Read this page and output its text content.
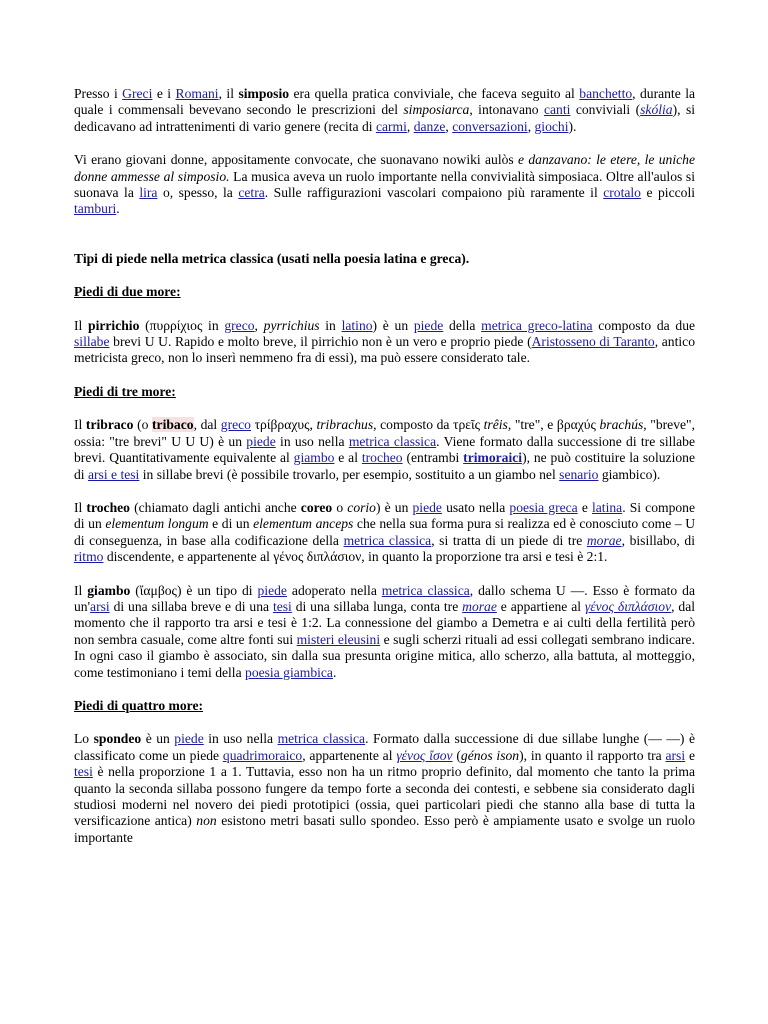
Presso i Greci e i Romani, il simposio era quella pratica conviviale, che faceva seguito al banchetto, durante la quale i commensali bevevano secondo le prescrizioni del simposiarca, intonavano canti conviviali (skólia), si dedicavano ad intrattenimenti di vario genere (recita di carmi, danze, conversazioni, giochi).

Vi erano giovani donne, appositamente convocate, che suonavano nowiki aulòs e danzavano: le etere, le uniche donne ammesse al simposio. La musica aveva un ruolo importante nella convivialità simposiaca. Oltre all'aulos si suonava la lira o, spesso, la cetra. Sulle raffigurazioni vascolari compaiono più raramente il crotalo e piccoli tamburi.

Tipi di piede nella metrica classica (usati nella poesia latina e greca).

Piedi di due more:

Il pirrichio (πυρρίχιος in greco, pyrrichius in latino) è un piede della metrica greco-latina composto da due sillabe brevi U U. Rapido e molto breve, il pirrichio non è un vero e proprio piede (Aristosseno di Taranto, antico metricista greco, non lo inserì nemmeno fra di essi), ma può essere considerato tale.

Piedi di tre more:

Il tribraco (o tribaco, dal greco τρίβραχυς, tribrachus, composto da τρεῖς trêis, "tre", e βραχύς brachús, "breve", ossia: "tre brevi" U U U) è un piede in uso nella metrica classica. Viene formato dalla successione di tre sillabe brevi. Quantitativamente equivalente al giambo e al trocheo (entrambi trimoraici), ne può costituire la soluzione di arsi e tesi in sillabe brevi (è possibile trovarlo, per esempio, sostituito a un giambo nel senario giambico).

Il trocheo (chiamato dagli antichi anche coreo o corio) è un piede usato nella poesia greca e latina. Si compone di un elementum longum e di un elementum anceps che nella sua forma pura si realizza ed è conosciuto come – U di conseguenza, in base alla codificazione della metrica classica, si tratta di un piede di tre morae, bisillabo, di ritmo discendente, e appartenente al γένος διπλάσιον, in quanto la proporzione tra arsi e tesi è 2:1.

Il giambo (ἴαμβος) è un tipo di piede adoperato nella metrica classica, dallo schema U —. Esso è formato da un'arsi di una sillaba breve e di una tesi di una sillaba lunga, conta tre morae e appartiene al γένος διπλάσιον, dal momento che il rapporto tra arsi e tesi è 1:2. La connessione del giambo a Demetra e ai culti della fertilità però non sembra casuale, come altre fonti sui misteri eleusini e sugli scherzi rituali ad essi collegati sembrano indicare. In ogni caso il giambo è associato, sin dalla sua presunta origine mitica, allo scherzo, alla battuta, al motteggio, come testimoniano i temi della poesia giambica.

Piedi di quattro more:

Lo spondeo è un piede in uso nella metrica classica. Formato dalla successione di due sillabe lunghe (— —) è classificato come un piede quadrimoraico, appartenente al γένος ἴσον (génos ison), in quanto il rapporto tra arsi e tesi è nella proporzione 1 a 1. Tuttavia, esso non ha un ritmo proprio definito, dal momento che tanto la prima quanto la seconda sillaba possono fungere da tempo forte a seconda dei contesti, e sebbene sia considerato dagli studiosi moderni nel novero dei piedi prototipici (ossia, quei particolari piedi che stanno alla base di tutta la versificazione antica) non esistono metri basati sullo spondeo. Esso però è ampiamente usato e svolge un ruolo importante
